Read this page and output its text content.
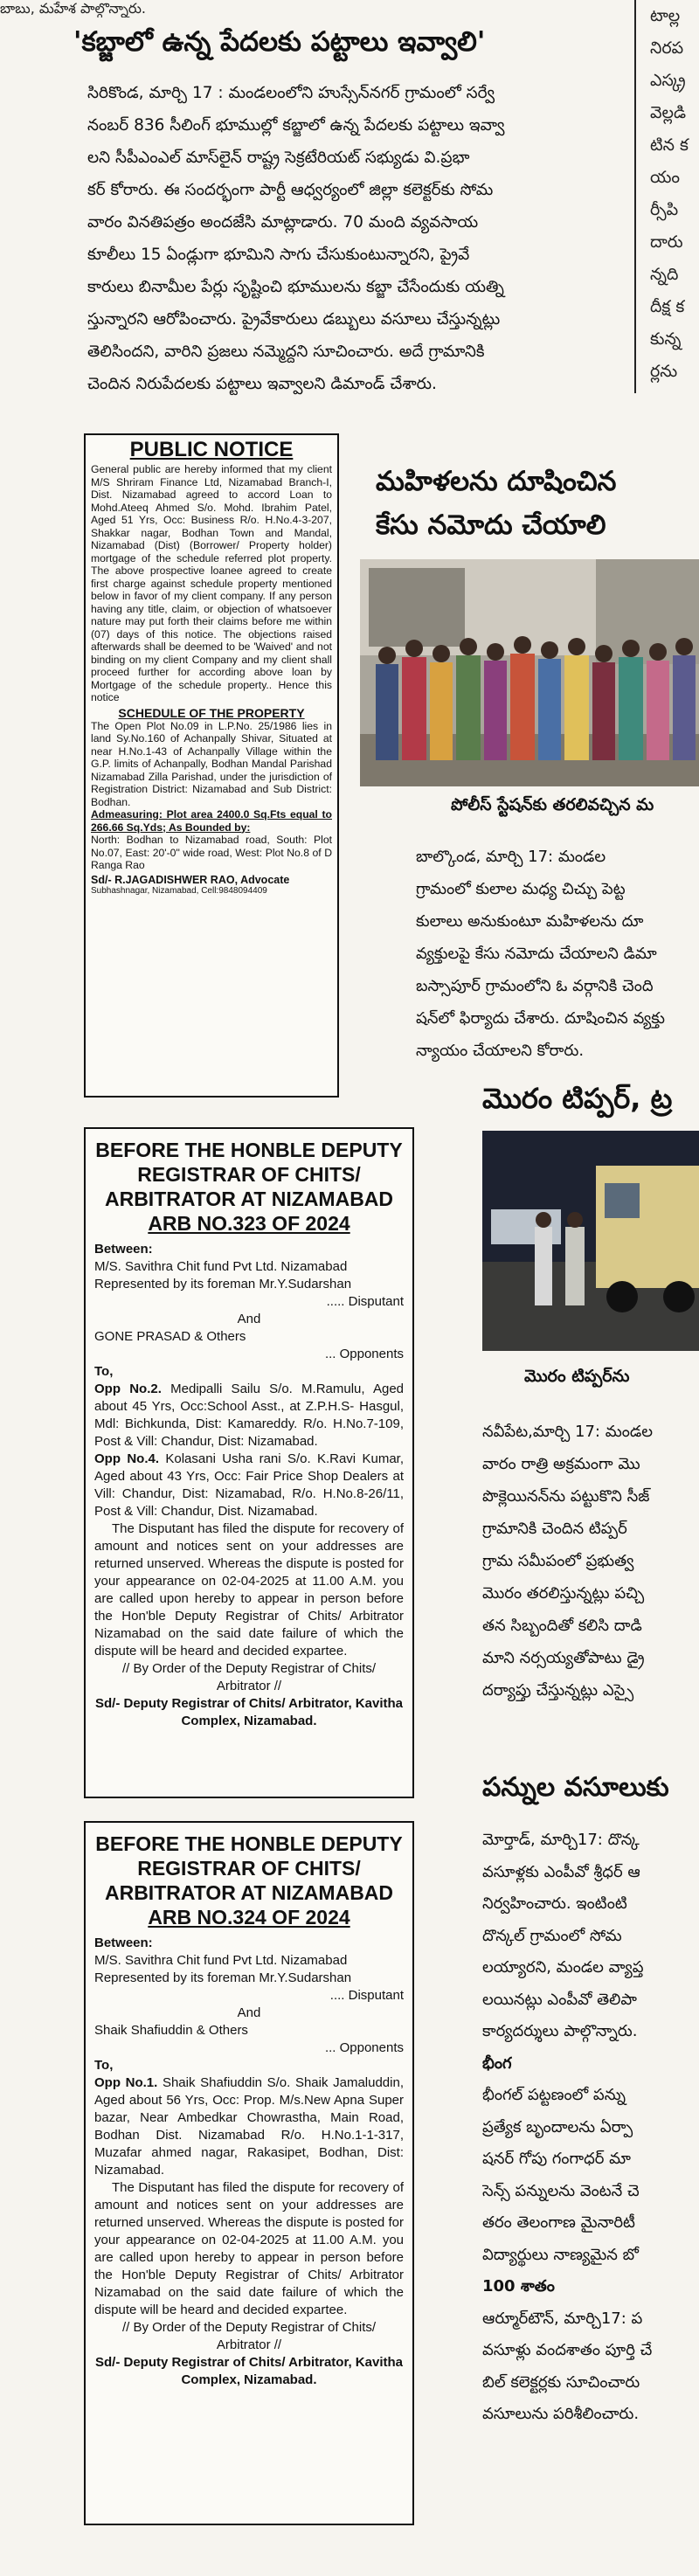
బాబు, మహేశ పాల్గొన్నారు.	టాల్ల
నిరప
ఎస్క్ర
వెల్లడి
టిన క
యం
ర్సీపి
దారు
న్నది
దీక్ష క
కున్న
ర్లను
'కబ్జాలో ఉన్న పేదలకు పట్టాలు ఇవ్వాలి'
సిరికొండ, మార్చి 17 : మండలంలోని హుస్సేన్‌నగర్ గ్రామంలో సర్వే
నంబర్ 836 సీలింగ్ భూముల్లో కబ్జాలో ఉన్న పేదలకు పట్టాలు ఇవ్వా
లని సీపీఎంఎల్ మాస్‌లైన్ రాష్ట్ర సెక్రటేరియట్ సభ్యుడు వి.ప్రభా
కర్ కోరారు. ఈ సందర్భంగా పార్టీ ఆధ్వర్యంలో జిల్లా కలెక్టర్‌కు సోమ
వారం వినతిపత్రం అందజేసి మాట్లాడారు. 70 మంది వ్యవసాయ
కూలీలు 15 ఏండ్లుగా భూమిని సాగు చేసుకుంటున్నారని, ప్రైవే
కారులు బినామీల పేర్లు సృష్టించి భూములను కబ్జా చేసేందుకు యత్ని
స్తున్నారని ఆరోపించారు. ప్రైవేకారులు డబ్బులు వసూలు చేస్తున్నట్లు
తెలిసిందని, వారిని ప్రజలు నమ్మెద్దని సూచించారు. అదే గ్రామానికి
చెందిన నిరుపేదలకు పట్టాలు ఇవ్వాలని డిమాండ్ చేశారు.
PUBLIC NOTICE
General public are hereby informed that my client M/S Shriram Finance Ltd, Nizamabad Branch-I, Dist. Nizamabad agreed to accord Loan to Mohd.Ateeq Ahmed S/o. Mohd. Ibrahim Patel, Aged 51 Yrs, Occ: Business R/o. H.No.4-3-207, Shakkar nagar, Bodhan Town and Mandal, Nizamabad (Dist) (Borrower/ Property holder) mortgage of the schedule referred plot property. The above prospective loanee agreed to create first charge against schedule property mentioned below in favor of my client company. If any person having any title, claim, or objection of whatsoever nature may put forth their claims before me within (07) days of this notice. The objections raised afterwards shall be deemed to be 'Waived' and not binding on my client Company and my client shall proceed further for according above loan by Mortgage of the schedule property.. Hence this notice
SCHEDULE OF THE PROPERTY
The Open Plot No.09 in L.P.No. 25/1986 lies in land Sy.No.160 of Achanpally Shivar, Situated at near H.No.1-43 of Achanpally Village within the G.P. limits of Achanpally, Bodhan Mandal Parishad Nizamabad Zilla Parishad, under the jurisdiction of Registration District: Nizamabad and Sub District: Bodhan.
Admeasuring: Plot area 2400.0 Sq.Fts equal to 266.66 Sq.Yds; As Bounded by:
North: Bodhan to Nizamabad road, South: Plot No.07, East: 20'-0" wide road, West: Plot No.8 of D Ranga Rao
Sd/- R.JAGADISHWER RAO, Advocate
Subhashnagar, Nizamabad, Cell:9848094409
మహిళలను దూషించిన
కేసు నమోదు చేయాలి
పోలీస్ స్టేషన్‌కు తరలివచ్చిన మ
బాల్కొండ, మార్చి 17: మండల
గ్రామంలో కులాల మధ్య చిచ్చు పెట్ట
కులాలు అనుకుంటూ మహిళలను దూ
వ్యక్తులపై కేసు నమోదు చేయాలని డిమా
బస్సాపూర్ గ్రామంలోని ఓ వర్గానికి చెంది
షన్‌లో ఫిర్యాదు చేశారు. దూషించిన వ్యక్తు
న్యాయం చేయాలని కోరారు.
BEFORE THE HONBLE DEPUTY
REGISTRAR OF CHITS/
ARBITRATOR AT NIZAMABAD
ARB NO.323 OF 2024

Between:

M/S. Savithra Chit fund Pvt Ltd. Nizamabad Represented by its foreman Mr.Y.Sudarshan

..... Disputant

And

GONE PRASAD & Others

... Opponents

To,

Opp No.2. Medipalli Sailu S/o. M.Ramulu, Aged about 45 Yrs, Occ:School Asst., at Z.P.H.S- Hasgul, Mdl: Bichkunda, Dist: Kamareddy. R/o. H.No.7-109, Post & Vill: Chandur, Dist: Nizamabad.

Opp No.4. Kolasani Usha rani S/o. K.Ravi Kumar, Aged about 43 Yrs, Occ: Fair Price Shop Dealers at Vill: Chandur, Dist: Nizamabad, R/o. H.No.8-26/11, Post & Vill: Chandur, Dist. Nizamabad.

The Disputant has filed the dispute for recovery of amount and notices sent on your addresses are returned unserved. Whereas the dispute is posted for your appearance on 02-04-2025 at 11.00 A.M. you are called upon hereby to appear in person before the Hon'ble Deputy Registrar of Chits/ Arbitrator Nizamabad on the said date failure of which the dispute will be heard and decided expartee.

// By Order of the Deputy Registrar of Chits/ Arbitrator //

Sd/- Deputy Registrar of Chits/ Arbitrator, Kavitha Complex, Nizamabad.

BEFORE THE HONBLE DEPUTY
REGISTRAR OF CHITS/
ARBITRATOR AT NIZAMABAD
ARB NO.324 OF 2024

Between:

M/S. Savithra Chit fund Pvt Ltd. Nizamabad Represented by its foreman Mr.Y.Sudarshan

.... Disputant

And

Shaik Shafiuddin & Others

... Opponents

To,

Opp No.1. Shaik Shafiuddin S/o. Shaik Jamaluddin, Aged about 56 Yrs, Occ: Prop. M/s.New Apna Super bazar, Near Ambedkar Chowrastha, Main Road, Bodhan Dist. Nizamabad R/o. H.No.1-1-317, Muzafar ahmed nagar, Rakasipet, Bodhan, Dist: Nizamabad.

The Disputant has filed the dispute for recovery of amount and notices sent on your addresses are returned unserved. Whereas the dispute is posted for your appearance on 02-04-2025 at 11.00 A.M. you are called upon hereby to appear in person before the Hon'ble Deputy Registrar of Chits/ Arbitrator Nizamabad on the said date failure of which the dispute will be heard and decided expartee.

// By Order of the Deputy Registrar of Chits/ Arbitrator //

Sd/- Deputy Registrar of Chits/ Arbitrator, Kavitha Complex, Nizamabad.

మొరం టిప్పర్, ట్ర
మొరం టిప్పర్‌ను
నవీపేట,మార్చి 17: మండల
వారం రాత్రి అక్రమంగా మొ
పొక్లెయినన్‌ను పట్టుకొని సీజ్
గ్రామానికి చెందిన టిప్పర్
గ్రామ సమీపంలో ప్రభుత్వ
మొరం తరలిస్తున్నట్లు పచ్చి
తన సిబ్బందితో కలిసి దాడి
మాని నర్సయ్యతోపాటు డ్రై
దర్యాప్తు చేస్తున్నట్లు ఎస్సై
పన్నుల వసూలుకు
మోర్తాడ్, మార్చి17: దొన్క
వసూళ్లకు ఎంపీవో శ్రీధర్ ఆ
నిర్వహించారు. ఇంటింటి
దొన్కల్ గ్రామంలో సోమ
లయ్యారని, మండల వ్యాప్త
లయినట్లు ఎంపీవో తెలిపా
కార్యదర్శులు పాల్గొన్నారు.
భీంగ
భీంగల్ పట్టణంలో పన్ను
ప్రత్యేక బృందాలను ఏర్పా
షనర్ గోపు గంగాధర్ మా
సెన్స్ పన్నులను వెంటనే చె
తరం తెలంగాణ మైనారిటీ
విద్యార్థులు నాణ్యమైన బో
100 శాతం
ఆర్మూర్‌టౌన్, మార్చి17: ప
వసూళ్లు వందశాతం పూర్తి చే
బిల్ కలెక్టర్లకు సూచించారు
వసూలును పరిశీలించారు.
